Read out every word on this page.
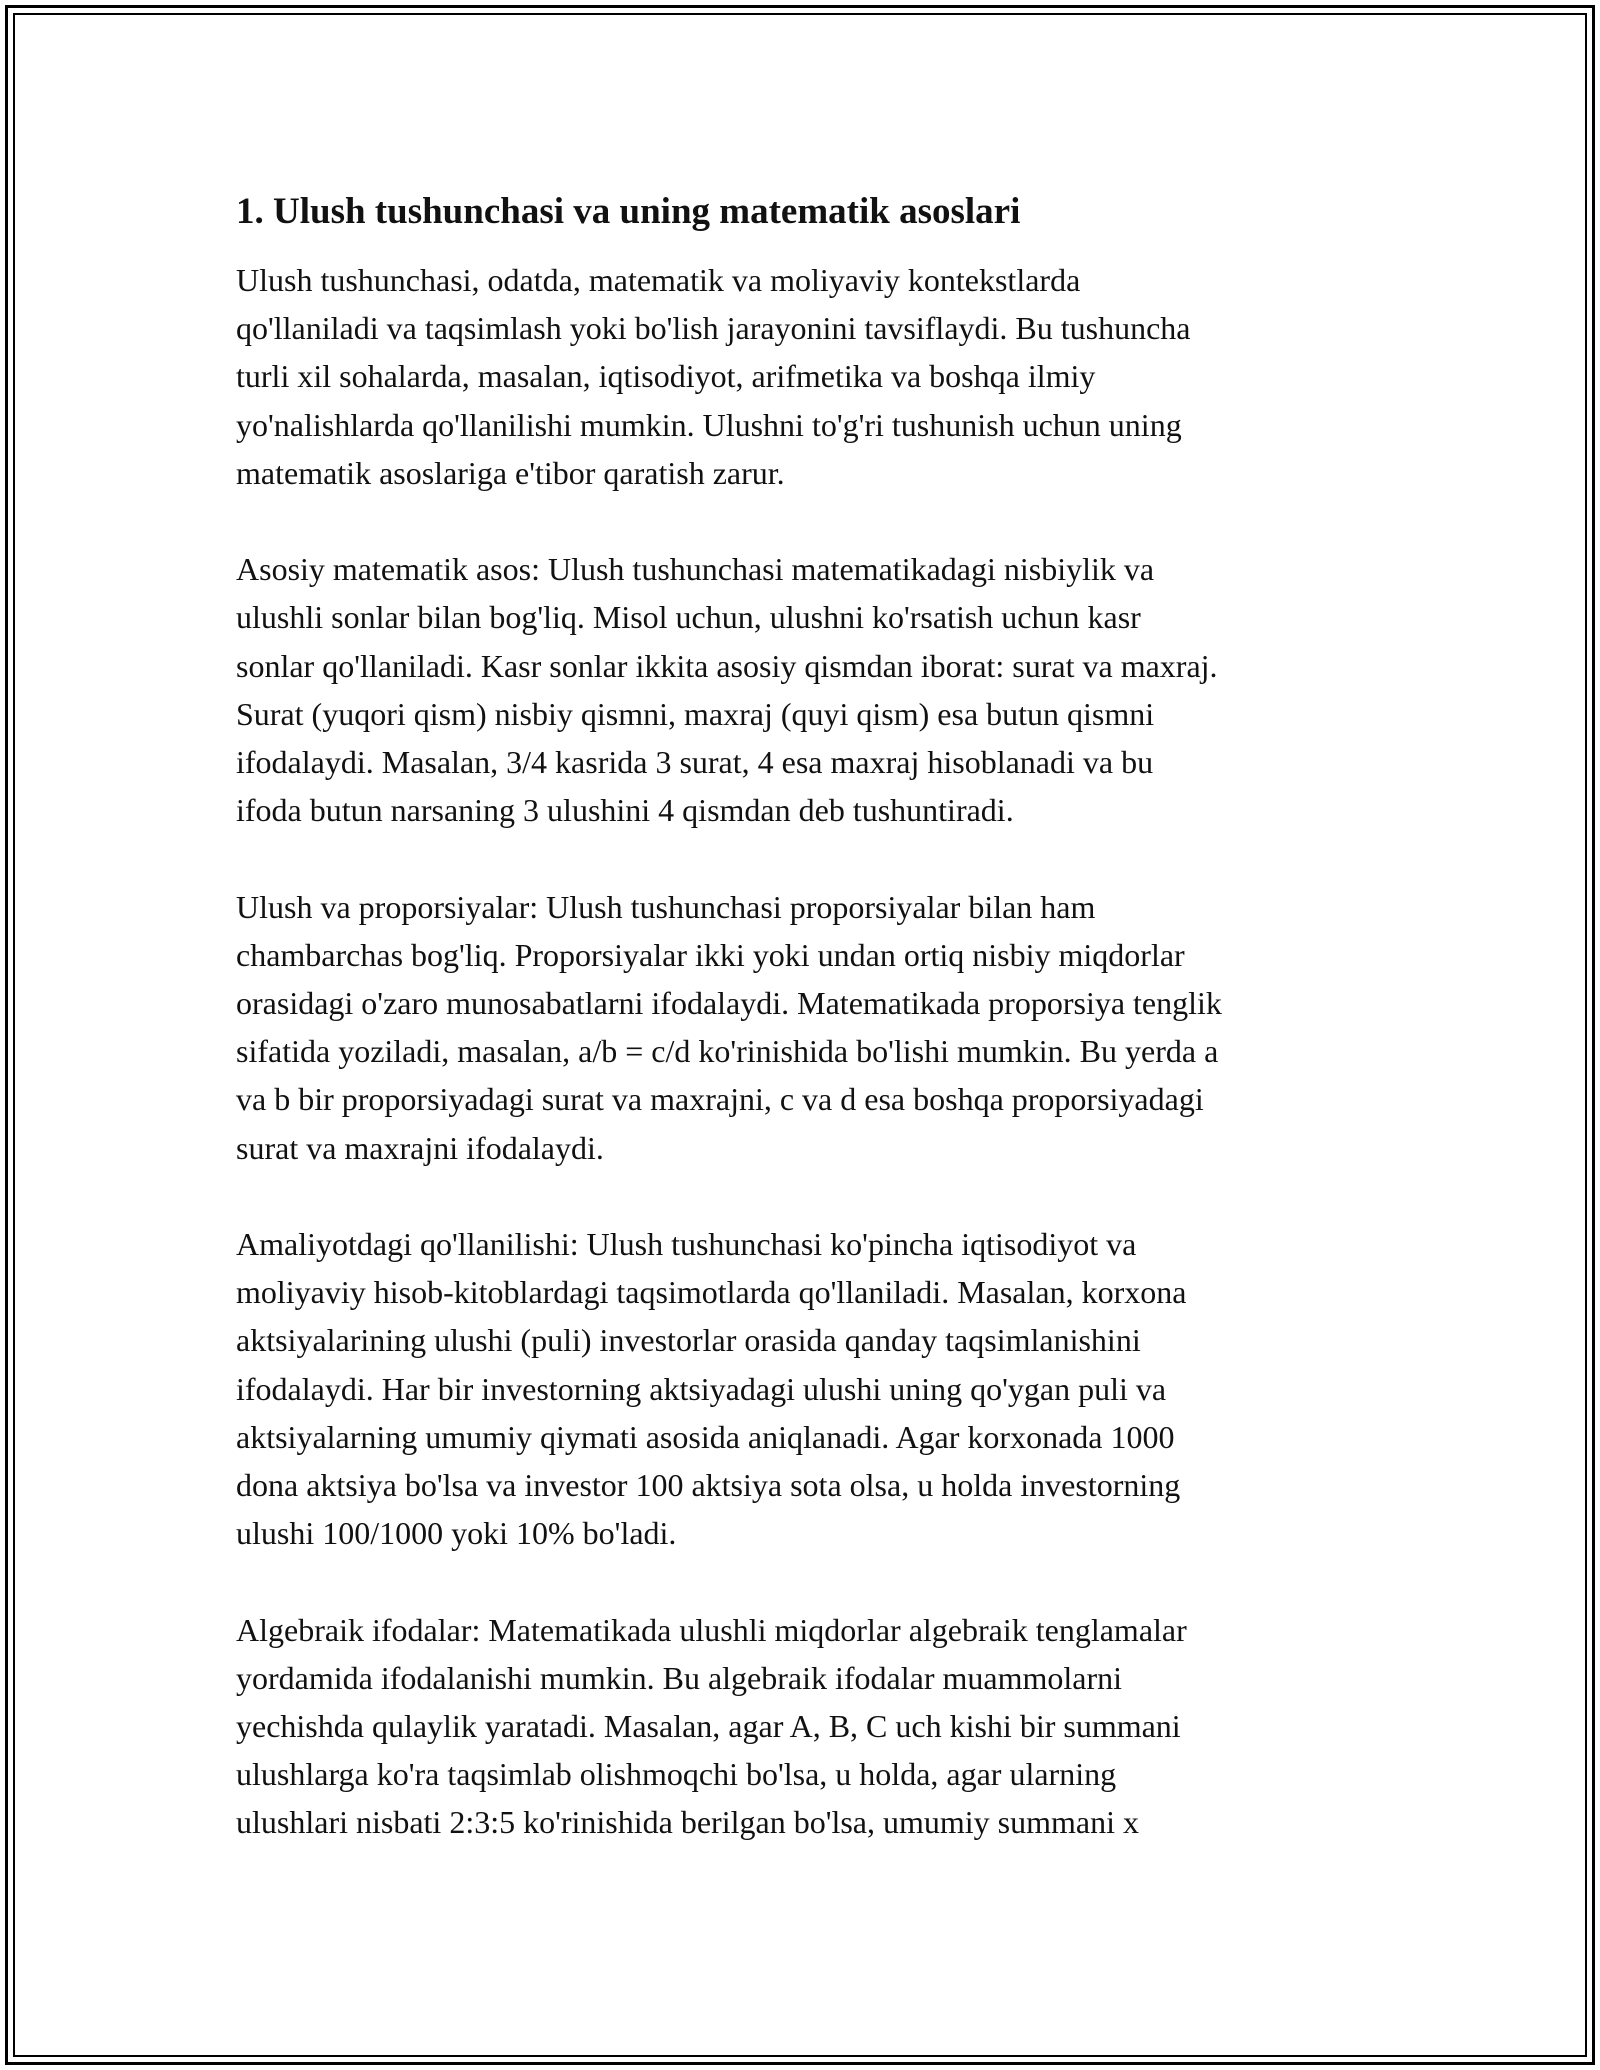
1. Ulush tushunchasi va uning matematik asoslari
Ulush tushunchasi, odatda, matematik va moliyaviy kontekstlarda
qo'llaniladi va taqsimlash yoki bo'lish jarayonini tavsiflaydi. Bu tushuncha
turli xil sohalarda, masalan, iqtisodiyot, arifmetika va boshqa ilmiy
yo'nalishlarda qo'llanilishi mumkin. Ulushni to'g'ri tushunish uchun uning
matematik asoslariga e'tibor qaratish zarur.
Asosiy matematik asos: Ulush tushunchasi matematikadagi nisbiylik va
ulushli sonlar bilan bog'liq. Misol uchun, ulushni ko'rsatish uchun kasr
sonlar qo'llaniladi. Kasr sonlar ikkita asosiy qismdan iborat: surat va maxraj.
Surat (yuqori qism) nisbiy qismni, maxraj (quyi qism) esa butun qismni
ifodalaydi. Masalan, 3/4 kasrida 3 surat, 4 esa maxraj hisoblanadi va bu
ifoda butun narsaning 3 ulushini 4 qismdan deb tushuntiradi.
Ulush va proporsiyalar: Ulush tushunchasi proporsiyalar bilan ham
chambarchas bog'liq. Proporsiyalar ikki yoki undan ortiq nisbiy miqdorlar
orasidagi o'zaro munosabatlarni ifodalaydi. Matematikada proporsiya tenglik
sifatida yoziladi, masalan, a/b = c/d ko'rinishida bo'lishi mumkin. Bu yerda a
va b bir proporsiyadagi surat va maxrajni, c va d esa boshqa proporsiyadagi
surat va maxrajni ifodalaydi.
Amaliyotdagi qo'llanilishi: Ulush tushunchasi ko'pincha iqtisodiyot va
moliyaviy hisob-kitoblardagi taqsimotlarda qo'llaniladi. Masalan, korxona
aktsiyalarining ulushi (puli) investorlar orasida qanday taqsimlanishini
ifodalaydi. Har bir investorning aktsiyadagi ulushi uning qo'ygan puli va
aktsiyalarning umumiy qiymati asosida aniqlanadi. Agar korxonada 1000
dona aktsiya bo'lsa va investor 100 aktsiya sota olsa, u holda investorning
ulushi 100/1000 yoki 10% bo'ladi.
Algebraik ifodalar: Matematikada ulushli miqdorlar algebraik tenglamalar
yordamida ifodalanishi mumkin. Bu algebraik ifodalar muammolarni
yechishda qulaylik yaratadi. Masalan, agar A, B, C uch kishi bir summani
ulushlarga ko'ra taqsimlab olishmoqchi bo'lsa, u holda, agar ularning
ulushlari nisbati 2:3:5 ko'rinishida berilgan bo'lsa, umumiy summani x
